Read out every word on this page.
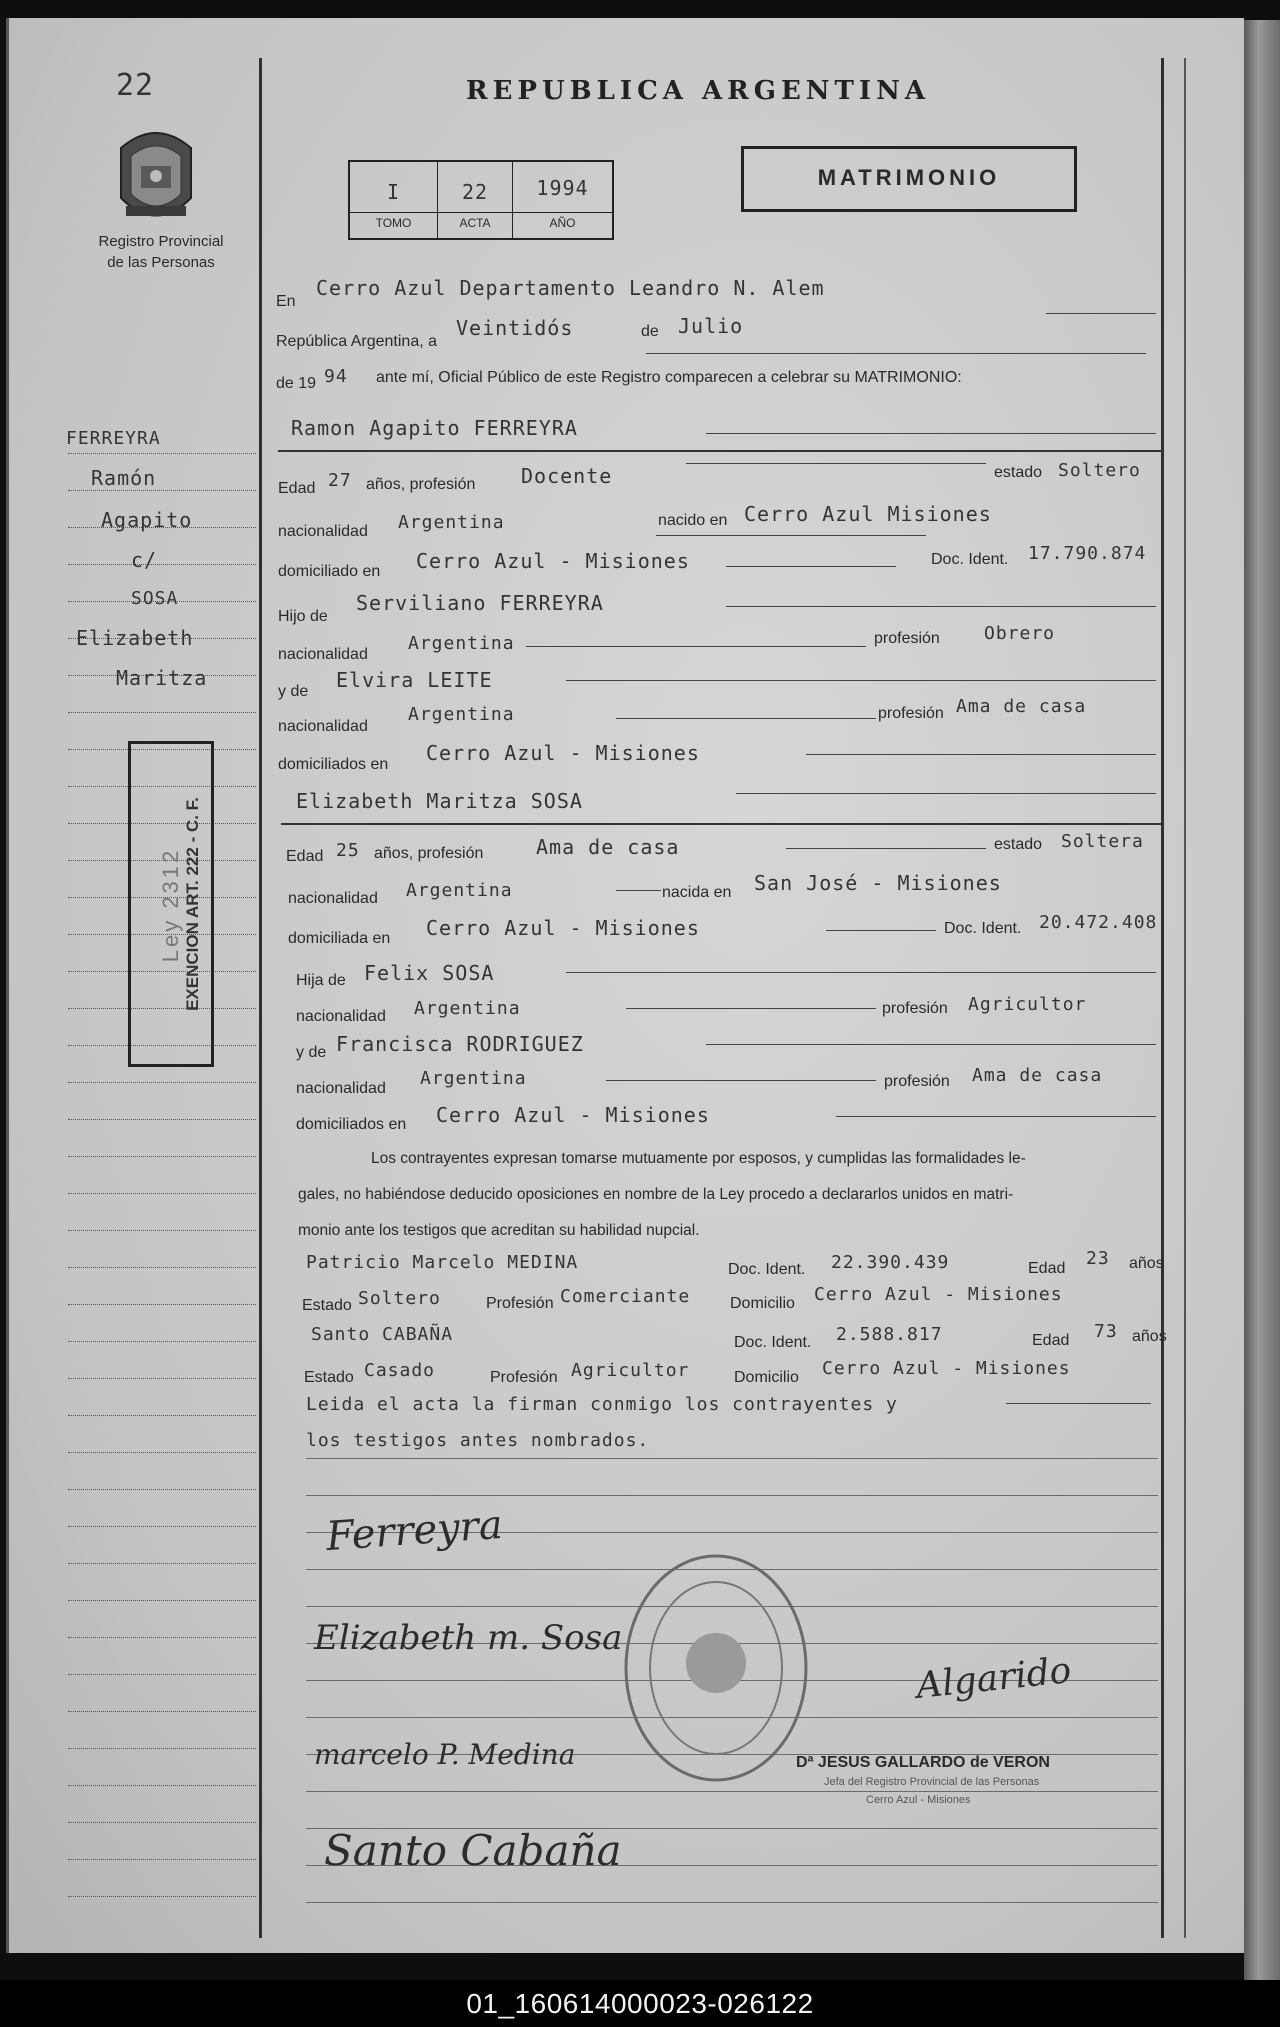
22
Registro Provincial
de las Personas
REPUBLICA ARGENTINA
I	22	1994
TOMO	ACTA	AÑO
MATRIMONIO
FERREYRA
Ramón
Agapito
c/
SOSA
Elizabeth
Maritza
Ley 2312 EXENCION ART. 222 - C. F.
En
Cerro Azul Departamento Leandro N. Alem
República Argentina, a
Veintidós	de Julio
de 19 94 ante mí, Oficial Público de este Registro comparecen a celebrar su MATRIMONIO:
Ramon Agapito FERREYRA
Edad 27 años, profesión Docente	estado Soltero
nacionalidad Argentina	nacido en Cerro Azul Misiones
domiciliado en Cerro Azul - Misiones	Doc. Ident. 17.790.874
Hijo de
Serviliano FERREYRA
nacionalidad
Argentina	profesión Obrero
y de Elvira LEITE
nacionalidad
Argentina	profesión Ama de casa
domiciliados en Cerro Azul - Misiones
Elizabeth Maritza SOSA
Edad 25 años, profesión	Ama de casa	estado Soltera
nacionalidad Argentina	nacida en San José - Misiones
domiciliada en Cerro Azul - Misiones	Doc. Ident. 20.472.408
Hija de Felix SOSA
nacionalidad Argentina	profesión Agricultor
y de Francisca RODRIGUEZ
nacionalidad Argentina	profesión Ama de casa
domiciliados en Cerro Azul - Misiones
Los contrayentes expresan tomarse mutuamente por esposos, y cumplidas las formalidades le-
gales, no habiéndose deducido oposiciones en nombre de la Ley procedo a declararlos unidos en matri-
monio ante los testigos que acreditan su habilidad nupcial.
Patricio Marcelo MEDINA	Doc. Ident. 22.390.439	Edad 23 años
Estado Soltero	Profesión Comerciante Domicilio Cerro Azul - Misiones
Santo CABAÑA	Doc. Ident. 2.588.817	Edad 73 años
Estado Casado	Profesión Agricultor	Domicilio Cerro Azul - Misiones
Leida el acta la firman conmigo los contrayentes y
los testigos antes nombrados.
Ferreyra
Elizabeth m. Sosa
marcelo P. Medina
Santo Cabaña
Algarido
Dª JESUS GALLARDO de VERON
Jefa del Registro Provincial de las Personas
Cerro Azul - Misiones
01_160614000023-026122
